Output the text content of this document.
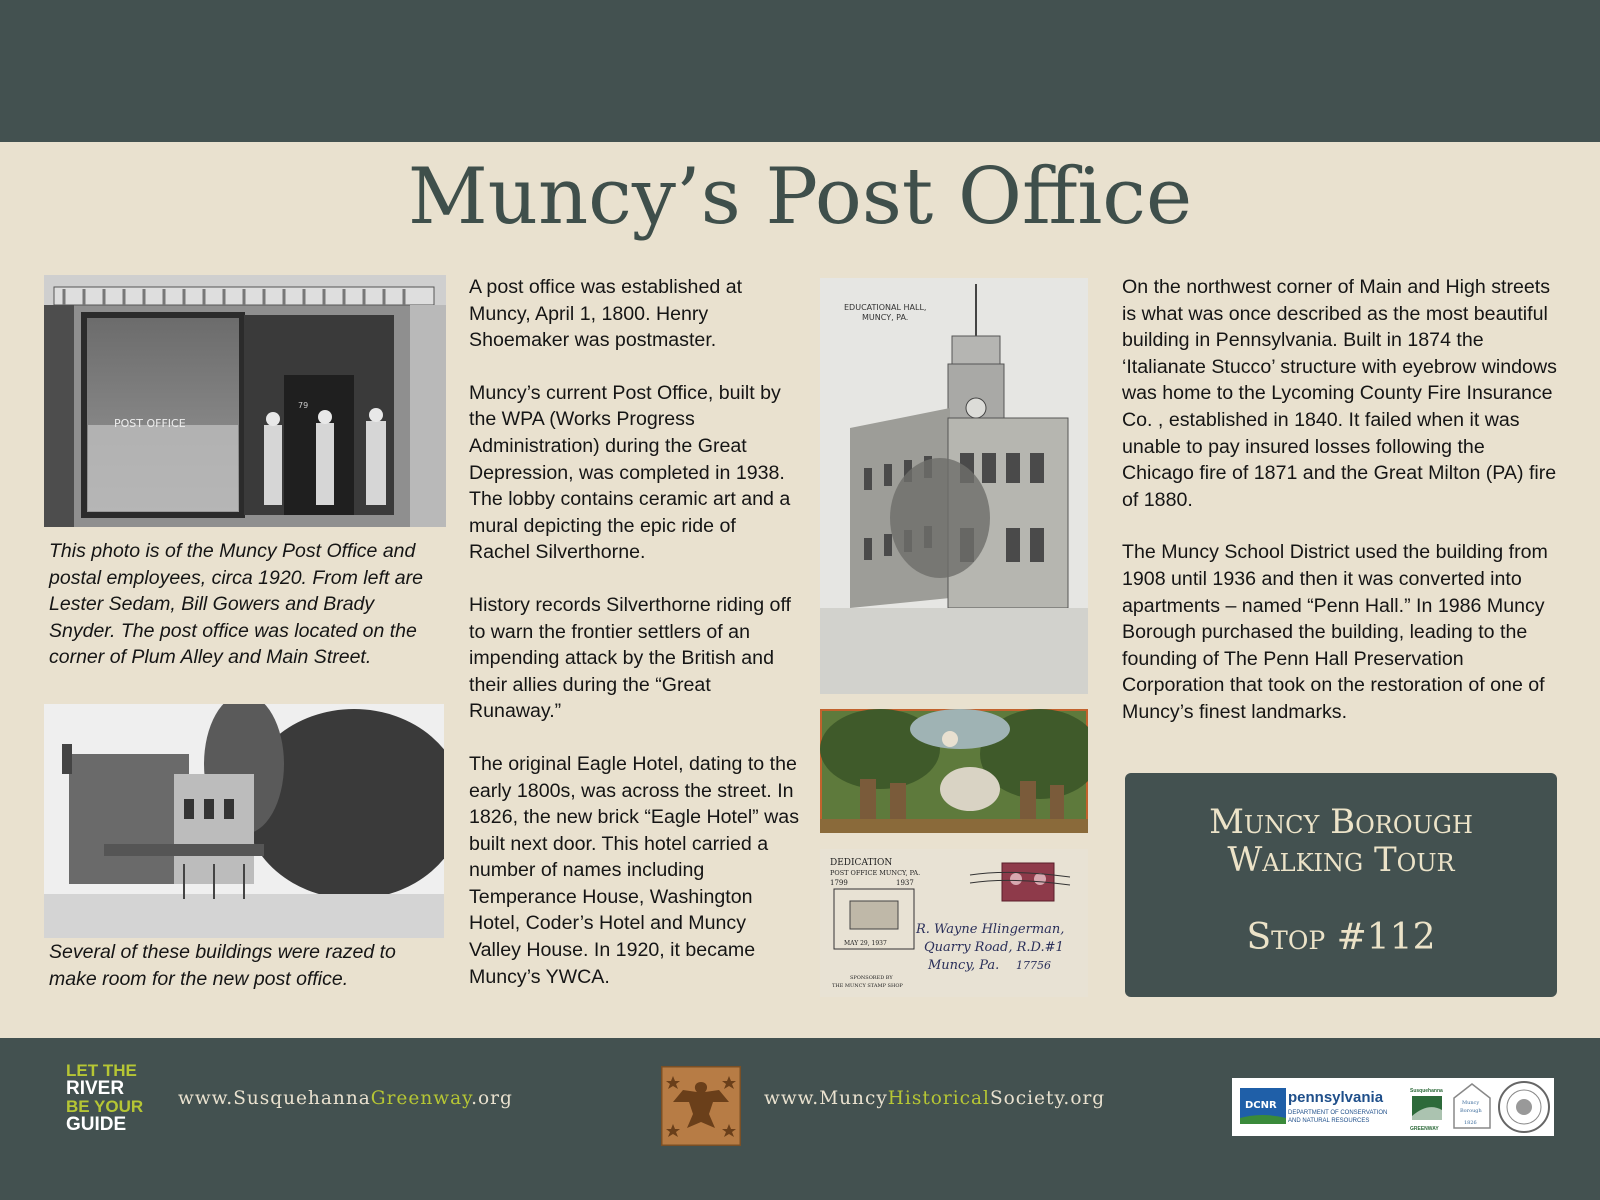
Muncy’s Post Office
POST OFFICE
79
This photo is of the Muncy Post Office and postal employees, circa 1920. From left are Lester Sedam, Bill Gowers and Brady Snyder. The post office was located on the corner of Plum Alley and Main Street.
Several of these buildings were razed to make room for the new post office.

A post office was established at Muncy, April 1, 1800. Henry Shoemaker was postmaster.

Muncy’s current Post Office, built by the WPA (Works Progress Administration) during the Great Depression, was completed in 1938. The lobby contains ceramic art and a mural depicting the epic ride of Rachel Silverthorne.

History records Silverthorne riding off to warn the frontier settlers of an impending attack by the British and their allies during the “Great Runaway.”

The original Eagle Hotel, dating to the early 1800s, was across the street. In 1826, the new brick “Eagle Hotel” was built next door. This hotel carried a number of names including Temperance House, Washington Hotel, Coder’s Hotel and Muncy Valley House. In 1920, it became Muncy’s YWCA.

EDUCATIONAL HALL,
MUNCY, PA.
DEDICATION
POST OFFICE MUNCY, PA.
1799	1937
MAY 29, 1937
SPONSORED BY
THE MUNCY STAMP SHOP
R. Wayne Hlingerman,
Quarry Road, R.D.#1
Muncy, Pa. 17756

On the northwest corner of Main and High streets is what was once described as the most beautiful building in Pennsylvania. Built in 1874 the ‘Italianate Stucco’ structure with eyebrow windows was home to the Lycoming County Fire Insurance Co. , established in 1840. It failed when it was unable to pay insured losses following the Chicago fire of 1871 and the Great Milton (PA) fire of 1880.

The Muncy School District used the building from 1908 until 1936 and then it was converted into apartments – named “Penn Hall.” In 1986 Muncy Borough purchased the building, leading to the founding of The Penn Hall Preservation Corporation that took on the restoration of one of Muncy’s finest landmarks.

Muncy Borough
Walking Tour
Stop #112
LET THE
RIVER
BE YOUR
GUIDE
www.SusquehannaGreenway.org	www.MuncyHistoricalSociety.org	DCNR pennsylvania
DEPARTMENT OF CONSERVATION
AND NATURAL RESOURCES
Susquehanna
GREENWAY
Muncy
Borough
1826
